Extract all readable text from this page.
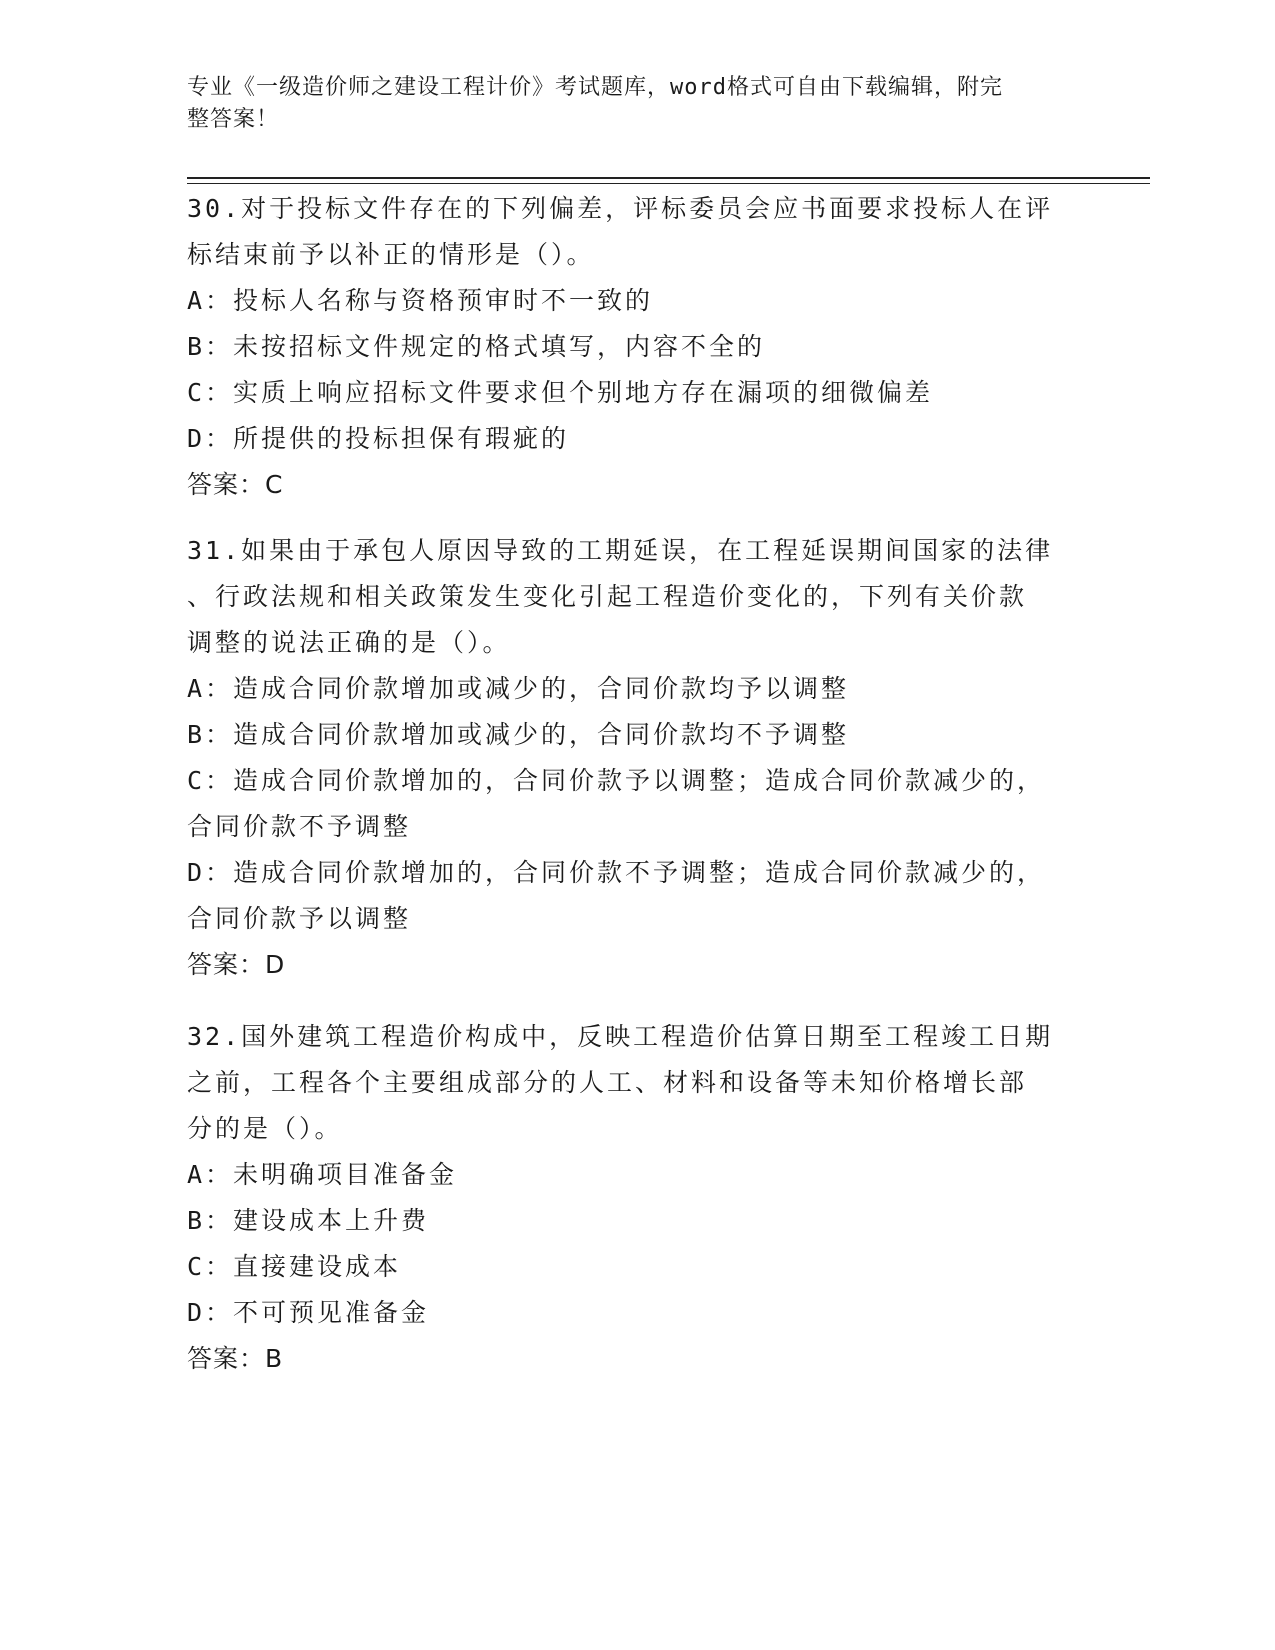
专业《一级造价师之建设工程计价》考试题库，word格式可自由下载编辑，附完
整答案！
30.对于投标文件存在的下列偏差，评标委员会应书面要求投标人在评
标结束前予以补正的情形是（）。
A：投标人名称与资格预审时不一致的
B：未按招标文件规定的格式填写，内容不全的
C：实质上响应招标文件要求但个别地方存在漏项的细微偏差
D：所提供的投标担保有瑕疵的
答案：C
31.如果由于承包人原因导致的工期延误，在工程延误期间国家的法律
、行政法规和相关政策发生变化引起工程造价变化的，下列有关价款
调整的说法正确的是（）。
A：造成合同价款增加或减少的，合同价款均予以调整
B：造成合同价款增加或减少的，合同价款均不予调整
C：造成合同价款增加的，合同价款予以调整；造成合同价款减少的，
合同价款不予调整
D：造成合同价款增加的，合同价款不予调整；造成合同价款减少的，
合同价款予以调整
答案：D
32.国外建筑工程造价构成中，反映工程造价估算日期至工程竣工日期
之前，工程各个主要组成部分的人工、材料和设备等未知价格增长部
分的是（）。
A：未明确项目准备金
B：建设成本上升费
C：直接建设成本
D：不可预见准备金
答案：B
